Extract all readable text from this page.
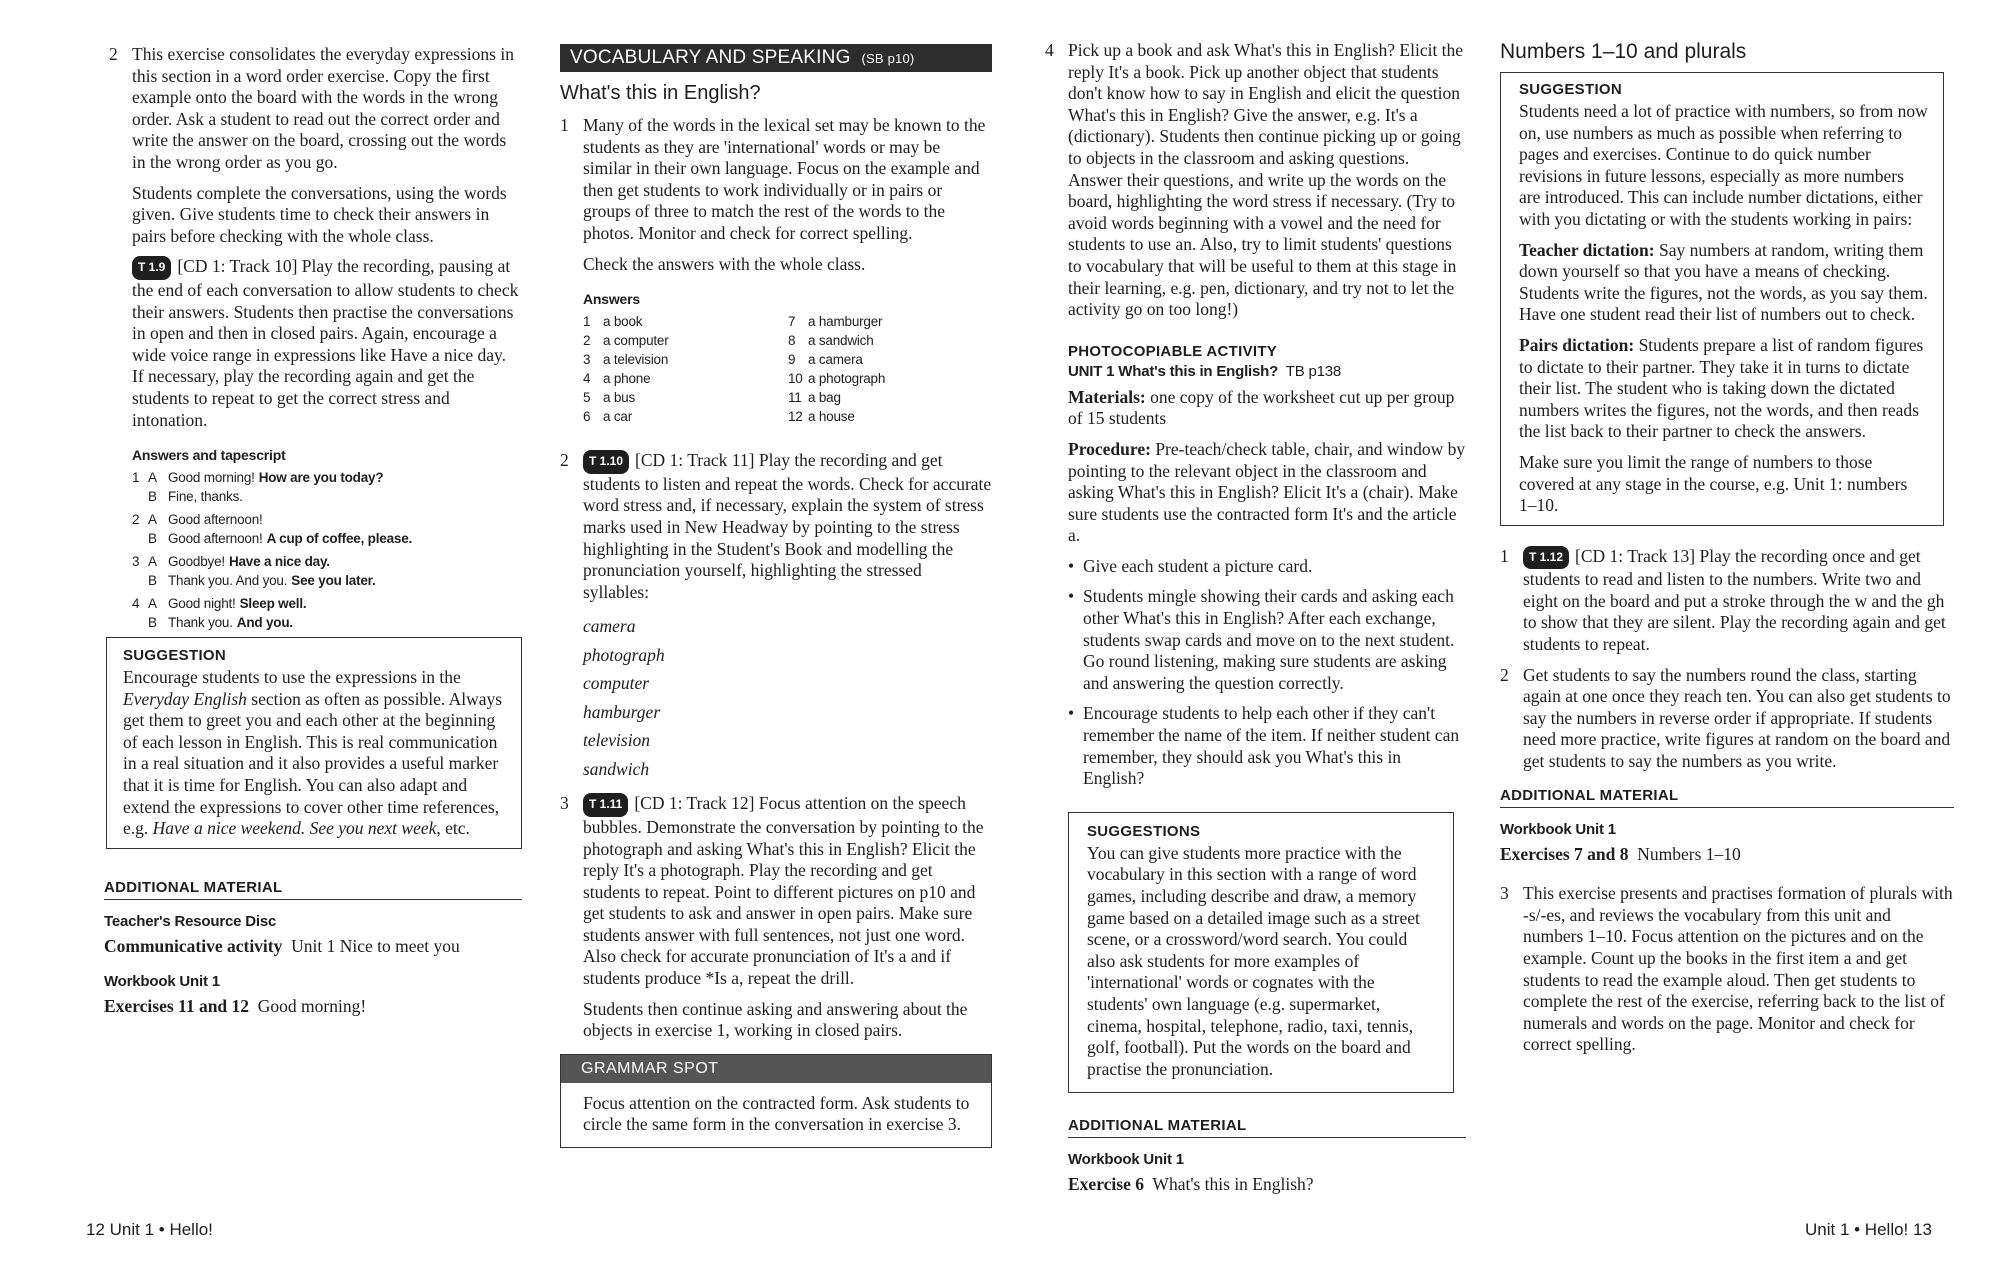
2 This exercise consolidates the everyday expressions in this section in a word order exercise. Copy the first example onto the board with the words in the wrong order. Ask a student to read out the correct order and write the answer on the board, crossing out the words in the wrong order as you go.

Students complete the conversations, using the words given. Give students time to check their answers in pairs before checking with the whole class.

T 1.9 [CD 1: Track 10] Play the recording, pausing at the end of each conversation to allow students to check their answers. Students then practise the conversations in open and then in closed pairs. Again, encourage a wide voice range in expressions like Have a nice day. If necessary, play the recording again and get the students to repeat to get the correct stress and intonation.

Answers and tapescript
1 A Good morning! How are you today?
B Fine, thanks.
2 A Good afternoon!
B Good afternoon! A cup of coffee, please.
3 A Goodbye! Have a nice day.
B Thank you. And you. See you later.
4 A Good night! Sleep well.
B Thank you. And you.
SUGGESTION

Encourage students to use the expressions in the Everyday English section as often as possible. Always get them to greet you and each other at the beginning of each lesson in English. This is real communication in a real situation and it also provides a useful marker that it is time for English. You can also adapt and extend the expressions to cover other time references, e.g. Have a nice weekend. See you next week, etc.

ADDITIONAL MATERIAL
Teacher's Resource Disc
Communicative activity Unit 1 Nice to meet you
Workbook Unit 1
Exercises 11 and 12 Good morning!
12 Unit 1 • Hello!
VOCABULARY AND SPEAKING (SB p10)
What's this in English?
1 Many of the words in the lexical set may be known to the students as they are 'international' words or may be similar in their own language. Focus on the example and then get students to work individually or in pairs or groups of three to match the rest of the words to the photos. Monitor and check for correct spelling.

Check the answers with the whole class.

Answers
1 a book
2 a computer
3 a television
4 a phone
5 a bus
6 a car
7 a hamburger
8 a sandwich
9 a camera
10 a photograph
11 a bag
12 a house
2	T 1.10 [CD 1: Track 11] Play the recording and get students to listen and repeat the words. Check for accurate word stress and, if necessary, explain the system of stress marks used in New Headway by pointing to the stress highlighting in the Student's Book and modelling the pronunciation yourself, highlighting the stressed syllables:

camera
photograph
computer
hamburger
television
sandwich
3	T 1.11 [CD 1: Track 12] Focus attention on the speech bubbles. Demonstrate the conversation by pointing to the photograph and asking What's this in English? Elicit the reply It's a photograph. Play the recording and get students to repeat. Point to different pictures on p10 and get students to ask and answer in open pairs. Make sure students answer with full sentences, not just one word. Also check for accurate pronunciation of It's a and if students produce *Is a, repeat the drill.

Students then continue asking and answering about the objects in exercise 1, working in closed pairs.

GRAMMAR SPOT

Focus attention on the contracted form. Ask students to circle the same form in the conversation in exercise 3.

4 Pick up a book and ask What's this in English? Elicit the reply It's a book. Pick up another object that students don't know how to say in English and elicit the question What's this in English? Give the answer, e.g. It's a (dictionary). Students then continue picking up or going to objects in the classroom and asking questions. Answer their questions, and write up the words on the board, highlighting the word stress if necessary. (Try to avoid words beginning with a vowel and the need for students to use an. Also, try to limit students' questions to vocabulary that will be useful to them at this stage in their learning, e.g. pen, dictionary, and try not to let the activity go on too long!)

PHOTOCOPIABLE ACTIVITY
UNIT 1 What's this in English? TB p138

Materials: one copy of the worksheet cut up per group of 15 students

Procedure: Pre-teach/check table, chair, and window by pointing to the relevant object in the classroom and asking What's this in English? Elicit It's a (chair). Make sure students use the contracted form It's and the article a.

• Give each student a picture card.
• Students mingle showing their cards and asking each other What's this in English? After each exchange, students swap cards and move on to the next student. Go round listening, making sure students are asking and answering the question correctly.
• Encourage students to help each other if they can't remember the name of the item. If neither student can remember, they should ask you What's this in English?
SUGGESTIONS

You can give students more practice with the vocabulary in this section with a range of word games, including describe and draw, a memory game based on a detailed image such as a street scene, or a crossword/word search. You could also ask students for more examples of 'international' words or cognates with the students' own language (e.g. supermarket, cinema, hospital, telephone, radio, taxi, tennis, golf, football). Put the words on the board and practise the pronunciation.

ADDITIONAL MATERIAL
Workbook Unit 1
Exercise 6 What's this in English?
Numbers 1–10 and plurals
SUGGESTION

Students need a lot of practice with numbers, so from now on, use numbers as much as possible when referring to pages and exercises. Continue to do quick number revisions in future lessons, especially as more numbers are introduced. This can include number dictations, either with you dictating or with the students working in pairs:

Teacher dictation: Say numbers at random, writing them down yourself so that you have a means of checking. Students write the figures, not the words, as you say them. Have one student read their list of numbers out to check.

Pairs dictation: Students prepare a list of random figures to dictate to their partner. They take it in turns to dictate their list. The student who is taking down the dictated numbers writes the figures, not the words, and then reads the list back to their partner to check the answers.

Make sure you limit the range of numbers to those covered at any stage in the course, e.g. Unit 1: numbers 1–10.

1	T 1.12 [CD 1: Track 13] Play the recording once and get students to read and listen to the numbers. Write two and eight on the board and put a stroke through the w and the gh to show that they are silent. Play the recording again and get students to repeat.

2 Get students to say the numbers round the class, starting again at one once they reach ten. You can also get students to say the numbers in reverse order if appropriate. If students need more practice, write figures at random on the board and get students to say the numbers as you write.

ADDITIONAL MATERIAL
Workbook Unit 1
Exercises 7 and 8 Numbers 1–10
3 This exercise presents and practises formation of plurals with -s/-es, and reviews the vocabulary from this unit and numbers 1–10. Focus attention on the pictures and on the example. Count up the books in the first item a and get students to read the example aloud. Then get students to complete the rest of the exercise, referring back to the list of numerals and words on the page. Monitor and check for correct spelling.

Unit 1 • Hello! 13
